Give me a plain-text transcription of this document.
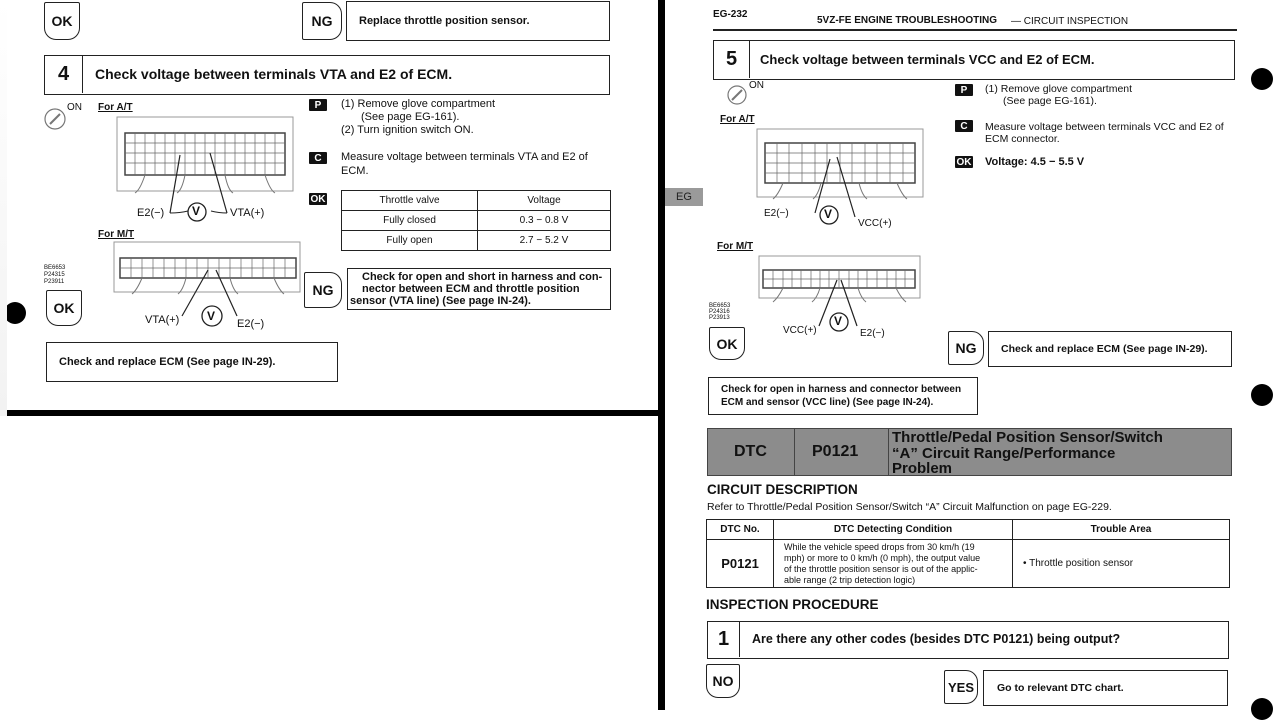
OK	NG	Replace throttle position sensor.
4	Check voltage between terminals VTA and E2 of ECM.
ON For A/T
V
E2(−)	VTA(+)
For M/T
V
VTA(+)	E2(−)
BE6653
P24315
P23911
P	(1) Remove glove compartment
(See page EG-161).
(2) Turn ignition switch ON.
C	Measure voltage between terminals VTA and E2 of
ECM.
OK	Throttle valve	Voltage
Fully closed	0.3 − 0.8 V
Fully open	2.7 − 5.2 V
NG
Check for open and short in harness and con-
nector between ECM and throttle position
sensor (VTA line) (See page IN-24).
OK
Check and replace ECM (See page IN-29).
EG
EG-232
5VZ-FE ENGINE TROUBLESHOOTING — CIRCUIT INSPECTION
5	Check voltage between terminals VCC and E2 of ECM.
ON
For A/T
V
E2(−)
VCC(+)
For M/T
V
VCC(+)	E2(−)
BE6653
P24316
P23913
P	(1) Remove glove compartment
(See page EG-161).
C	Measure voltage between terminals VCC and E2 of
ECM connector.
OK Voltage: 4.5 − 5.5 V
OK	NG	Check and replace ECM (See page IN-29).
Check for open in harness and connector between
ECM and sensor (VCC line) (See page IN-24).
DTC	P0121
Throttle/Pedal Position Sensor/Switch
“A” Circuit Range/Performance
Problem
CIRCUIT DESCRIPTION
Refer to Throttle/Pedal Position Sensor/Switch “A” Circuit Malfunction on page EG-229.
DTC No.	DTC Detecting Condition	Trouble Area
P0121	While the vehicle speed drops from 30 km/h (19
mph) or more to 0 km/h (0 mph), the output value
of the throttle position sensor is out of the applic-
able range (2 trip detection logic)	• Throttle position sensor
INSPECTION PROCEDURE
1	Are there any other codes (besides DTC P0121) being output?
NO	YES	Go to relevant DTC chart.
